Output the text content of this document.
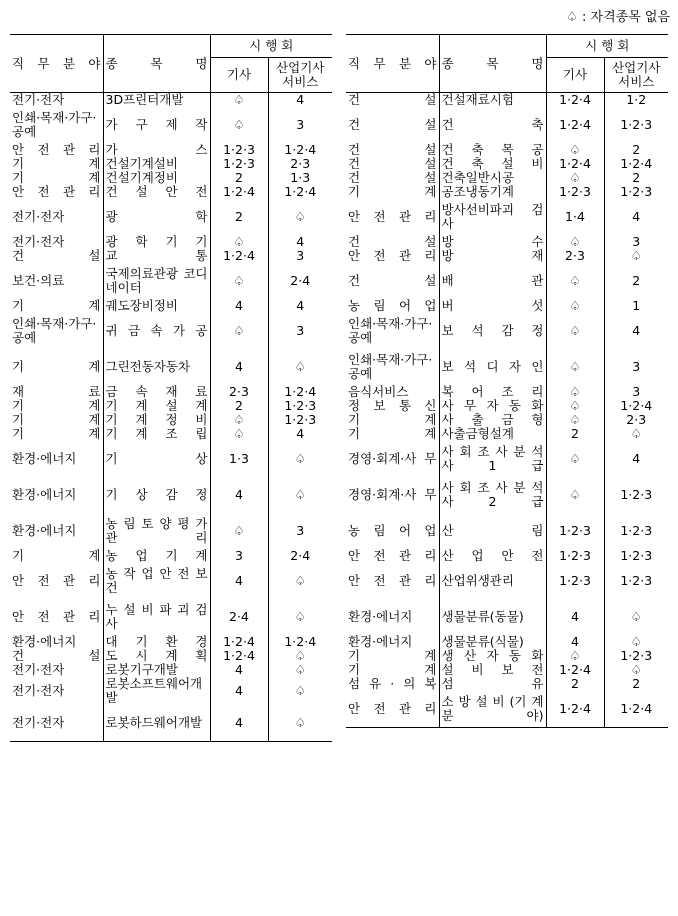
♤ : 자격종목 없음
직 무 분 야	종 목 명	시 행 회	
		기사	산업기사 서비스
전기·전자	3D프린터개발	♤	4
인쇄·목재·가구·공예	가 구 제 작	♤	3
안 전 관 리	가 스	1·2·3	1·2·4
기 계	건설기계설비	1·2·3	2·3
기 계	건설기계정비	2	1·3
안 전 관 리	건 설 안 전	1·2·4	1·2·4
전기·전자	광 학	2	♤
전기·전자	광 학 기 기	♤	4
건 설	교 통	1·2·4	3
보건·의료	국제의료관광 코디네이터	♤	2·4
기 계	궤도장비정비	4	4
인쇄·목재·가구·공예	귀 금 속 가 공	♤	3
기 계	그린전동자동차	4	♤
재 료	금 속 재 료	2·3	1·2·4
기 계	기 계 설 계	2	1·2·3
기 계	기 계 정 비	♤	1·2·3
기 계	기 계 조 립	♤	4
환경·에너지	기 상	1·3	♤
환경·에너지	기 상 감 정	4	♤
환경·에너지	농 림 토 양 평 가 관 리	♤	3
기 계	농 업 기 계	3	2·4
안 전 관 리	농 작 업 안 전 보 건	4	♤
안 전 관 리	누 설 비 파 괴 검 사	2·4	♤
환경·에너지	대 기 환 경	1·2·4	1·2·4
건 설	도 시 계 획	1·2·4	♤
전기·전자	로봇기구개발	4	♤
전기·전자	로봇소프트웨어개발	4	♤
전기·전자	로봇하드웨어개발	4	♤
직 무 분 야	종 목 명	시 행 회	
		기사	산업기사 서비스
건 설	건설재료시험	1·2·4	1·2
건 설	건 축	1·2·4	1·2·3
건 설	건 축 목 공	♤	2
건 설	건 축 설 비	1·2·4	1·2·4
건 설	건축일반시공	♤	2
기 계	공조냉동기계	1·2·3	1·2·3
안 전 관 리	방사선비파괴 검 사	1·4	4
건 설	방 수	♤	3
안 전 관 리	방 재	2·3	♤
건 설	배 관	♤	2
농 림 어 업	버 섯	♤	1
인쇄·목재·가구·공예	보 석 감 정	♤	4
인쇄·목재·가구·공예	보 석 디 자 인	♤	3
음식서비스	복 어 조 리	♤	3
정 보 통 신	사 무 자 동 화	♤	1·2·4
기 계	사 출 금 형	♤	2·3
기 계	사출금형설계	2	♤
경영·회계·사 무	사 회 조 사 분 석 사 1 급	♤	4
경영·회계·사 무	사 회 조 사 분 석 사 2 급	♤	1·2·3
농 림 어 업	산 림	1·2·3	1·2·3
안 전 관 리	산 업 안 전	1·2·3	1·2·3
안 전 관 리	산업위생관리	1·2·3	1·2·3
환경·에너지	생물분류(동물)	4	♤
환경·에너지	생물분류(식물)	4	♤
기 계	생 산 자 동 화	♤	1·2·3
기 계	설 비 보 전	1·2·4	♤
섬 유 · 의 복	섬 유	2	2
안 전 관 리	소 방 설 비 (기 계 분 야)	1·2·4	1·2·4
